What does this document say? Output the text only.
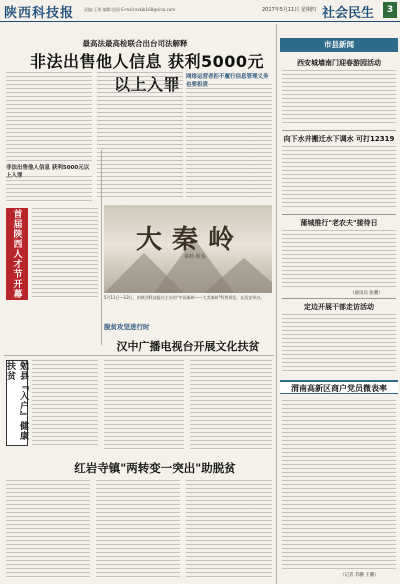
陕西科技报 责编:王琪 编辑:祖丽 E-mail:sxkjb168@sina.com	2017年5月11日 星期四 社会民生	3
最高法最高检联合出台司法解释
非法出售他人信息 获利5000元以上入罪
非法出售他人信息 获利5000元以上入罪
网络运营者拒不履行信息管理义务也要担责
首届陕西人才节开幕
勉县『入户』健康扶贫
大秦岭
秦岭·新春
5月11日—13日，由陕西科技报社主办的"中国秦岭——大美秦岭"科普展览，在西安举办。
脱贫攻坚进行时
汉中广播电视台开展文化扶贫
红岩寺镇"两转变一突出"助脱贫
市县新闻
西安城墙南门迎春游园活动
向下水井搬迁水下调水 可打12319
蒲城推行"老农夫"接待日
（通讯员 张鹏）
定边开展干部走访活动
渭南高新区商户党员微表率
（记者 苏鹏 王鹏）
